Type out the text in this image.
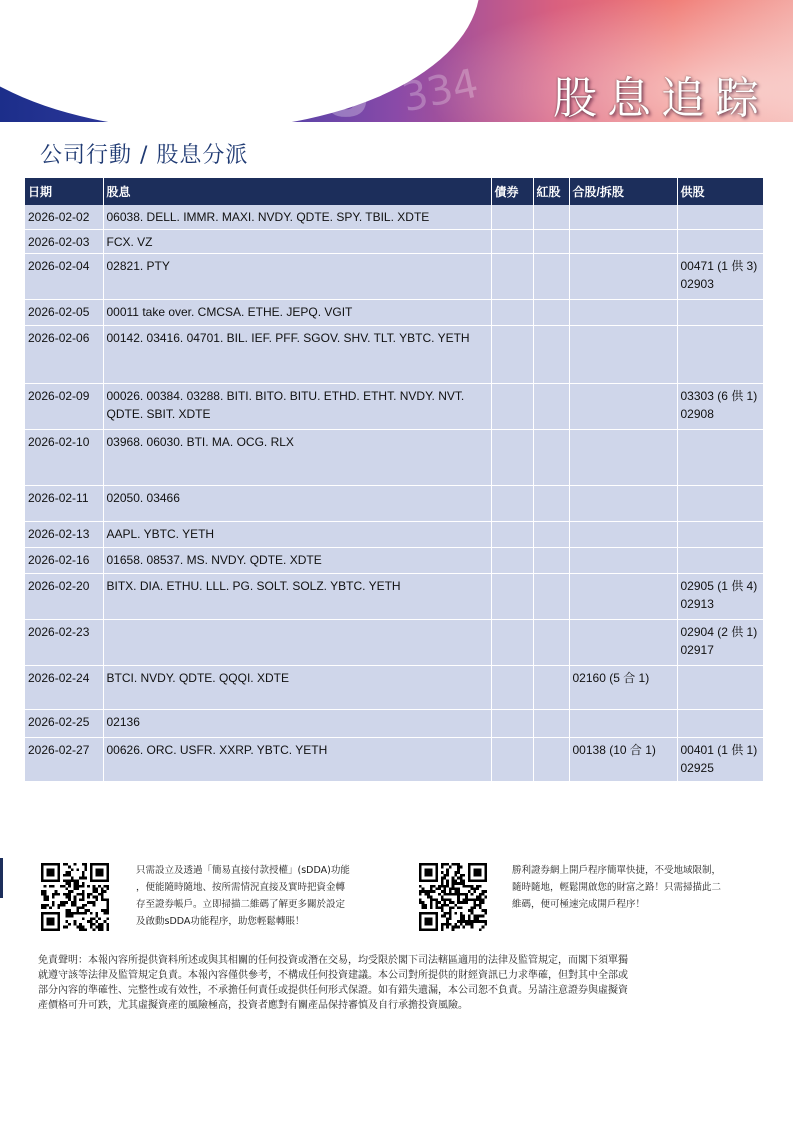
334 股息追踪
公司行動 / 股息分派
日期	股息	債券	紅股	合股/拆股	供股
2026-02-02	06038. DELL. IMMR. MAXI. NVDY. QDTE. SPY. TBIL. XDTE				

2026-02-03	FCX. VZ				

2026-02-04	02821. PTY				00471 (1 供 3)
02903

2026-02-05	00011 take over. CMCSA. ETHE. JEPQ. VGIT				

2026-02-06	00142. 03416. 04701. BIL. IEF. PFF. SGOV. SHV. TLT. YBTC. YETH				

2026-02-09	00026. 00384. 03288. BITI. BITO. BITU. ETHD. ETHT. NVDY. NVT. QDTE. SBIT. XDTE				03303 (6 供 1)
02908

2026-02-10	03968. 06030. BTI. MA. OCG. RLX				

2026-02-11	02050. 03466				

2026-02-13	AAPL. YBTC. YETH				

2026-02-16	01658. 08537. MS. NVDY. QDTE. XDTE				

2026-02-20	BITX. DIA. ETHU. LLL. PG. SOLT. SOLZ. YBTC. YETH				02905 (1 供 4)
02913

2026-02-23					02904 (2 供 1)
02917

2026-02-24	BTCI. NVDY. QDTE. QQQI. XDTE			02160 (5 合 1)	

2026-02-25	02136				

2026-02-27	00626. ORC. USFR. XXRP. YBTC. YETH			00138 (10 合 1)	00401 (1 供 1)
02925
只需設立及透過「簡易直接付款授權」(sDDA)功能
，便能隨時隨地、按所需情況直接及實時把資金轉
存至證券帳戶。立即掃描二維碼了解更多關於設定
及啟動sDDA功能程序，助您輕鬆轉賬！
勝利證券網上開戶程序簡單快捷，不受地域限制，
隨時隨地，輕鬆開啟您的財富之路！只需掃描此二
維碼，便可極速完成開戶程序！
免責聲明：本報內容所提供資料所述或與其相關的任何投資或潛在交易，均受限於閣下司法轄區適用的法律及監管規定，而閣下須單獨
就遵守該等法律及監管規定負責。本報內容僅供參考，不構成任何投資建議。本公司對所提供的財經資訊已力求準確，但對其中全部或
部分內容的準確性、完整性或有效性，不承擔任何責任或提供任何形式保證。如有錯失遺漏，本公司恕不負責。另請注意證券與虛擬資
產價格可升可跌，尤其虛擬資產的風險極高，投資者應對有關產品保持審慎及自行承擔投資風險。
